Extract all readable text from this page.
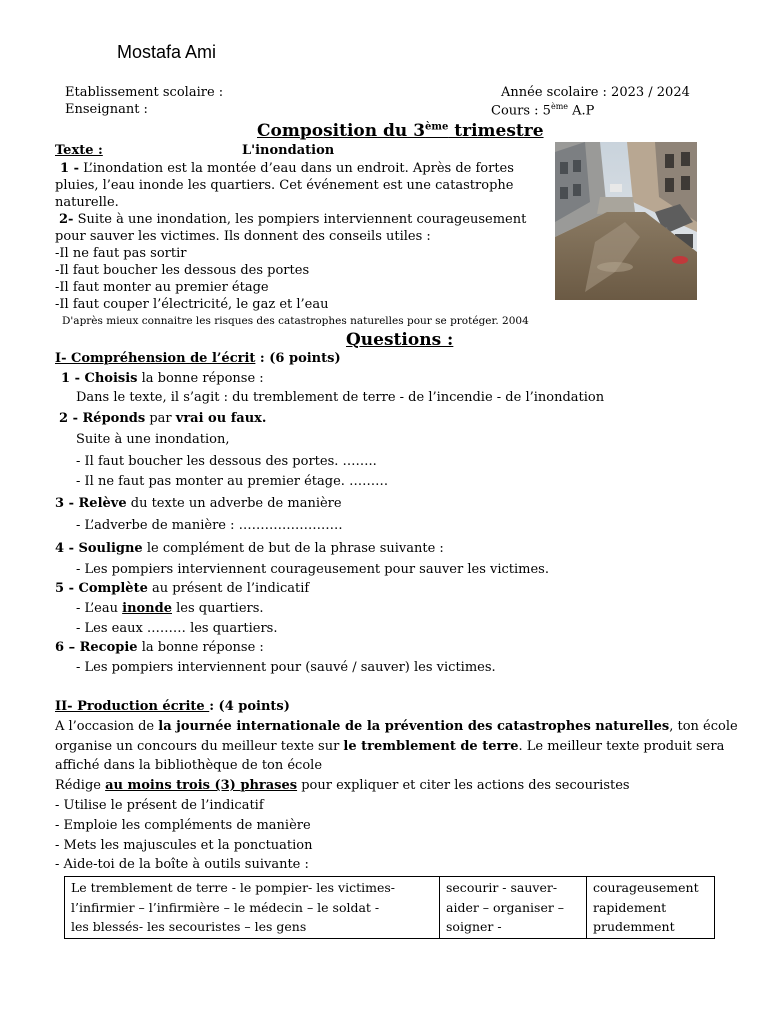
Mostafa Ami
Etablissement scolaire :
Enseignant :
Année scolaire : 2023 / 2024
Cours : 5ème A.P
Composition du 3ème trimestre
Texte :	L'inondation
1 - L’inondation est la montée d’eau dans un endroit. Après de fortes
pluies, l’eau inonde les quartiers. Cet événement est une catastrophe
naturelle.
2- Suite à une inondation, les pompiers interviennent courageusement
pour sauver les victimes. Ils donnent des conseils utiles :
-Il ne faut pas sortir
-Il faut boucher les dessous des portes
-Il faut monter au premier étage
-Il faut couper l’électricité, le gaz et l’eau
D'après mieux connaitre les risques des catastrophes naturelles pour se protéger. 2004
Questions :
I- Compréhension de l’écrit : (6 points)
1 - Choisis la bonne réponse :
Dans le texte, il s’agit : du tremblement de terre - de l’incendie - de l’inondation
2 - Réponds par vrai ou faux.
Suite à une inondation,
- Il faut boucher les dessous des portes. ……..
- Il ne faut pas monter au premier étage. ………
3 - Relève du texte un adverbe de manière
- L’adverbe de manière : ……………………
4 - Souligne le complément de but de la phrase suivante :
- Les pompiers interviennent courageusement pour sauver les victimes.
5 - Complète au présent de l’indicatif
- L’eau inonde les quartiers.
- Les eaux ……… les quartiers.
6 – Recopie la bonne réponse :
- Les pompiers interviennent pour (sauvé / sauver) les victimes.
II- Production écrite : (4 points)
A l’occasion de la journée internationale de la prévention des catastrophes naturelles, ton école
organise un concours du meilleur texte sur le tremblement de terre. Le meilleur texte produit sera
affiché dans la bibliothèque de ton école
Rédige au moins trois (3) phrases pour expliquer et citer les actions des secouristes
- Utilise le présent de l’indicatif
- Emploie les compléments de manière
- Mets les majuscules et la ponctuation
- Aide-toi de la boîte à outils suivante :
Le tremblement de terre - le pompier- les victimes-
l’infirmier – l’infirmière – le médecin – le soldat -
les blessés- les secouristes – les gens

secourir - sauver-
aider – organiser –
soigner -

courageusement
rapidement
prudemment
